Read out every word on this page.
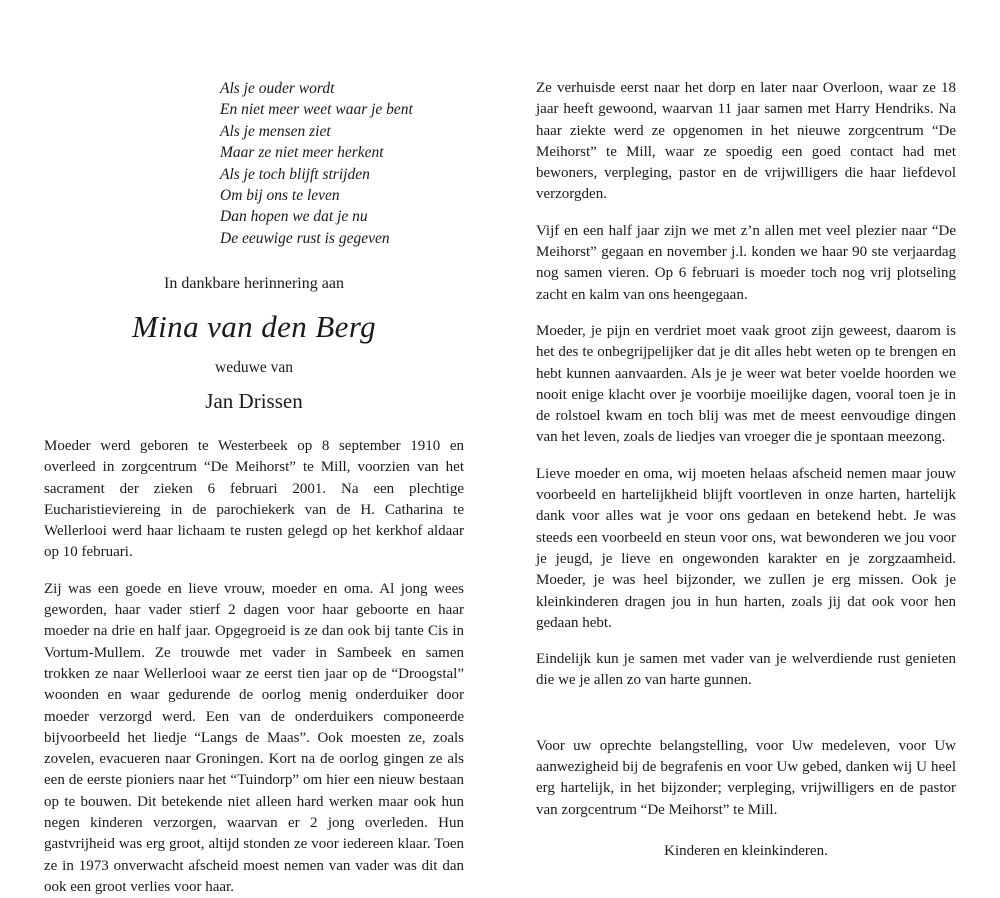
Als je ouder wordt
En niet meer weet waar je bent
Als je mensen ziet
Maar ze niet meer herkent
Als je toch blijft strijden
Om bij ons te leven
Dan hopen we dat je nu
De eeuwige rust is gegeven
In dankbare herinnering aan
Mina van den Berg
weduwe van
Jan Drissen

Moeder werd geboren te Westerbeek op 8 september 1910 en overleed in zorgcentrum “De Meihorst” te Mill, voorzien van het sacrament der zieken 6 februari 2001. Na een plechtige Eucharistieviereing in de parochiekerk van de H. Catharina te Wellerlooi werd haar lichaam te rusten gelegd op het kerkhof aldaar op 10 februari.

Zij was een goede en lieve vrouw, moeder en oma. Al jong wees geworden, haar vader stierf 2 dagen voor haar geboorte en haar moeder na drie en half jaar. Opgegroeid is ze dan ook bij tante Cis in Vortum-Mullem. Ze trouwde met vader in Sambeek en samen trokken ze naar Wellerlooi waar ze eerst tien jaar op de “Droogstal” woonden en waar gedurende de oorlog menig onderduiker door moeder verzorgd werd. Een van de onderduikers componeerde bijvoorbeeld het liedje “Langs de Maas”. Ook moesten ze, zoals zovelen, evacueren naar Groningen. Kort na de oorlog gingen ze als een de eerste pioniers naar het “Tuindorp” om hier een nieuw bestaan op te bouwen. Dit betekende niet alleen hard werken maar ook hun negen kinderen verzorgen, waarvan er 2 jong overleden. Hun gastvrijheid was erg groot, altijd stonden ze voor iedereen klaar. Toen ze in 1973 onverwacht afscheid moest nemen van vader was dit dan ook een groot verlies voor haar.

Ze verhuisde eerst naar het dorp en later naar Overloon, waar ze 18 jaar heeft gewoond, waarvan 11 jaar samen met Harry Hendriks. Na haar ziekte werd ze opgenomen in het nieuwe zorgcentrum “De Meihorst” te Mill, waar ze spoedig een goed contact had met bewoners, verpleging, pastor en de vrijwilligers die haar liefdevol verzorgden.

Vijf en een half jaar zijn we met z’n allen met veel plezier naar “De Meihorst” gegaan en november j.l. konden we haar 90 ste verjaardag nog samen vieren. Op 6 februari is moeder toch nog vrij plotseling zacht en kalm van ons heengegaan.

Moeder, je pijn en verdriet moet vaak groot zijn geweest, daarom is het des te onbegrijpelijker dat je dit alles hebt weten op te brengen en hebt kunnen aanvaarden. Als je je weer wat beter voelde hoorden we nooit enige klacht over je voorbije moeilijke dagen, vooral toen je in de rolstoel kwam en toch blij was met de meest eenvoudige dingen van het leven, zoals de liedjes van vroeger die je spontaan meezong.

Lieve moeder en oma, wij moeten helaas afscheid nemen maar jouw voorbeeld en hartelijkheid blijft voortleven in onze harten, hartelijk dank voor alles wat je voor ons gedaan en betekend hebt. Je was steeds een voorbeeld en steun voor ons, wat bewonderen we jou voor je jeugd, je lieve en ongewonden karakter en je zorgzaamheid. Moeder, je was heel bijzonder, we zullen je erg missen. Ook je kleinkinderen dragen jou in hun harten, zoals jij dat ook voor hen gedaan hebt.

Eindelijk kun je samen met vader van je welverdiende rust genieten die we je allen zo van harte gunnen.

Voor uw oprechte belangstelling, voor Uw medeleven, voor Uw aanwezigheid bij de begrafenis en voor Uw gebed, danken wij U heel erg hartelijk, in het bijzonder; verpleging, vrijwilligers en de pastor van zorgcentrum “De Meihorst” te Mill.

Kinderen en kleinkinderen.
